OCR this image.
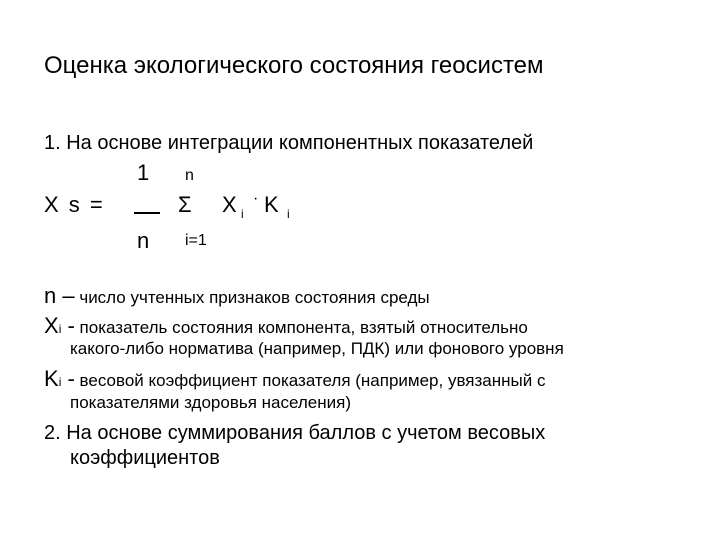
Оценка экологического состояния геосистем
1. На основе интеграции компонентных показателей
1 n
X s =	Σ X i
· K i
n i=1
n – число учтенных признаков состояния среды
Xi - показатель состояния компонента, взятый относительно
какого-либо норматива (например, ПДК) или фонового уровня
Ki - весовой коэффициент показателя (например, увязанный с
показателями здоровья населения)
2. На основе суммирования баллов с учетом весовых
коэффициентов
